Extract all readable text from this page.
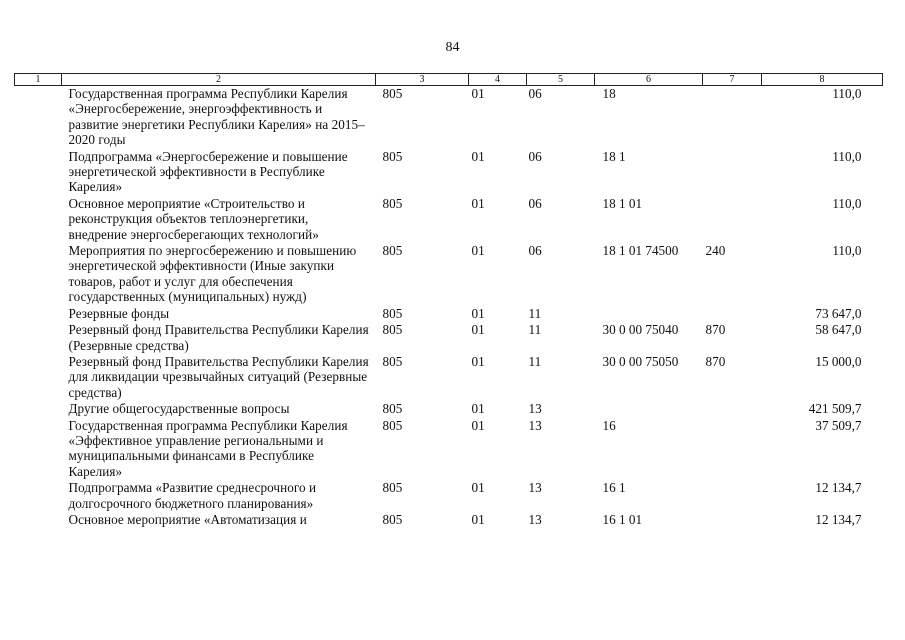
84
1	2	3	4	5	6	7	8
	Государственная программа Республики Карелия «Энергосбережение, энергоэффективность и развитие энергетики Республики Карелия» на 2015–2020 годы	805	01	06	18		110,0
	Подпрограмма «Энергосбережение и повышение энергетической эффективности в Республике Карелия»	805	01	06	18 1		110,0
	Основное мероприятие «Строительство и реконструкция объектов теплоэнергетики, внедрение энергосберегающих технологий»	805	01	06	18 1 01		110,0
	Мероприятия по энергосбережению и повышению энергетической эффективности (Иные закупки товаров, работ и услуг для обеспечения государственных (муниципальных) нужд)	805	01	06	18 1 01 74500	240	110,0
	Резервные фонды	805	01	11			73 647,0
	Резервный фонд Правительства Республики Карелия (Резервные средства)	805	01	11	30 0 00 75040	870	58 647,0
	Резервный фонд Правительства Республики Карелия для ликвидации чрезвычайных ситуаций (Резервные средства)	805	01	11	30 0 00 75050	870	15 000,0
	Другие общегосударственные вопросы	805	01	13			421 509,7
	Государственная программа Республики Карелия «Эффективное управление региональными и муниципальными финансами в Республике Карелия»	805	01	13	16		37 509,7
	Подпрограмма «Развитие среднесрочного и долгосрочного бюджетного планирования»	805	01	13	16 1		12 134,7
	Основное мероприятие «Автоматизация и	805	01	13	16 1 01		12 134,7
